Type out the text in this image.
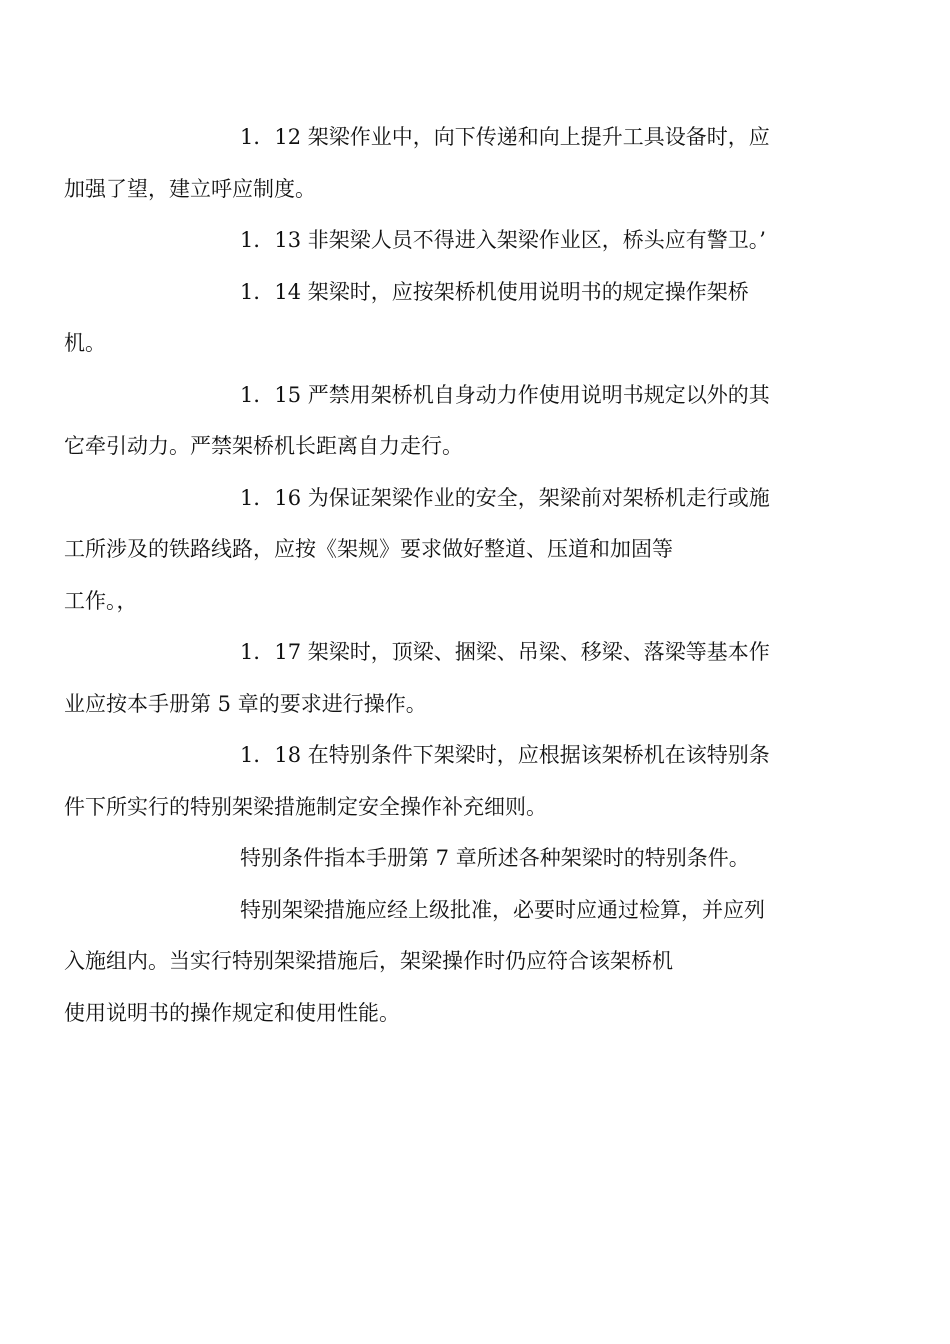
1．12 架梁作业中，向下传递和向上提升工具设备时，应
加强了望，建立呼应制度。

1．13 非架梁人员不得进入架梁作业区，桥头应有警卫。’

1．14 架梁时，应按架桥机使用说明书的规定操作架桥
机。

1．15 严禁用架桥机自身动力作使用说明书规定以外的其
它牵引动力。严禁架桥机长距离自力走行。

1．16 为保证架梁作业的安全，架梁前对架桥机走行或施
工所涉及的铁路线路，应按《架规》要求做好整道、压道和加固等
工作。，

1．17 架梁时，顶梁、捆梁、吊梁、移梁、落梁等基本作
业应按本手册第 5 章的要求进行操作。

1．18 在特别条件下架梁时，应根据该架桥机在该特别条
件下所实行的特别架梁措施制定安全操作补充细则。

特别条件指本手册第 7 章所述各种架梁时的特别条件。

特别架梁措施应经上级批准，必要时应通过检算，并应列
入施组内。当实行特别架梁措施后，架梁操作时仍应符合该架桥机
使用说明书的操作规定和使用性能。
